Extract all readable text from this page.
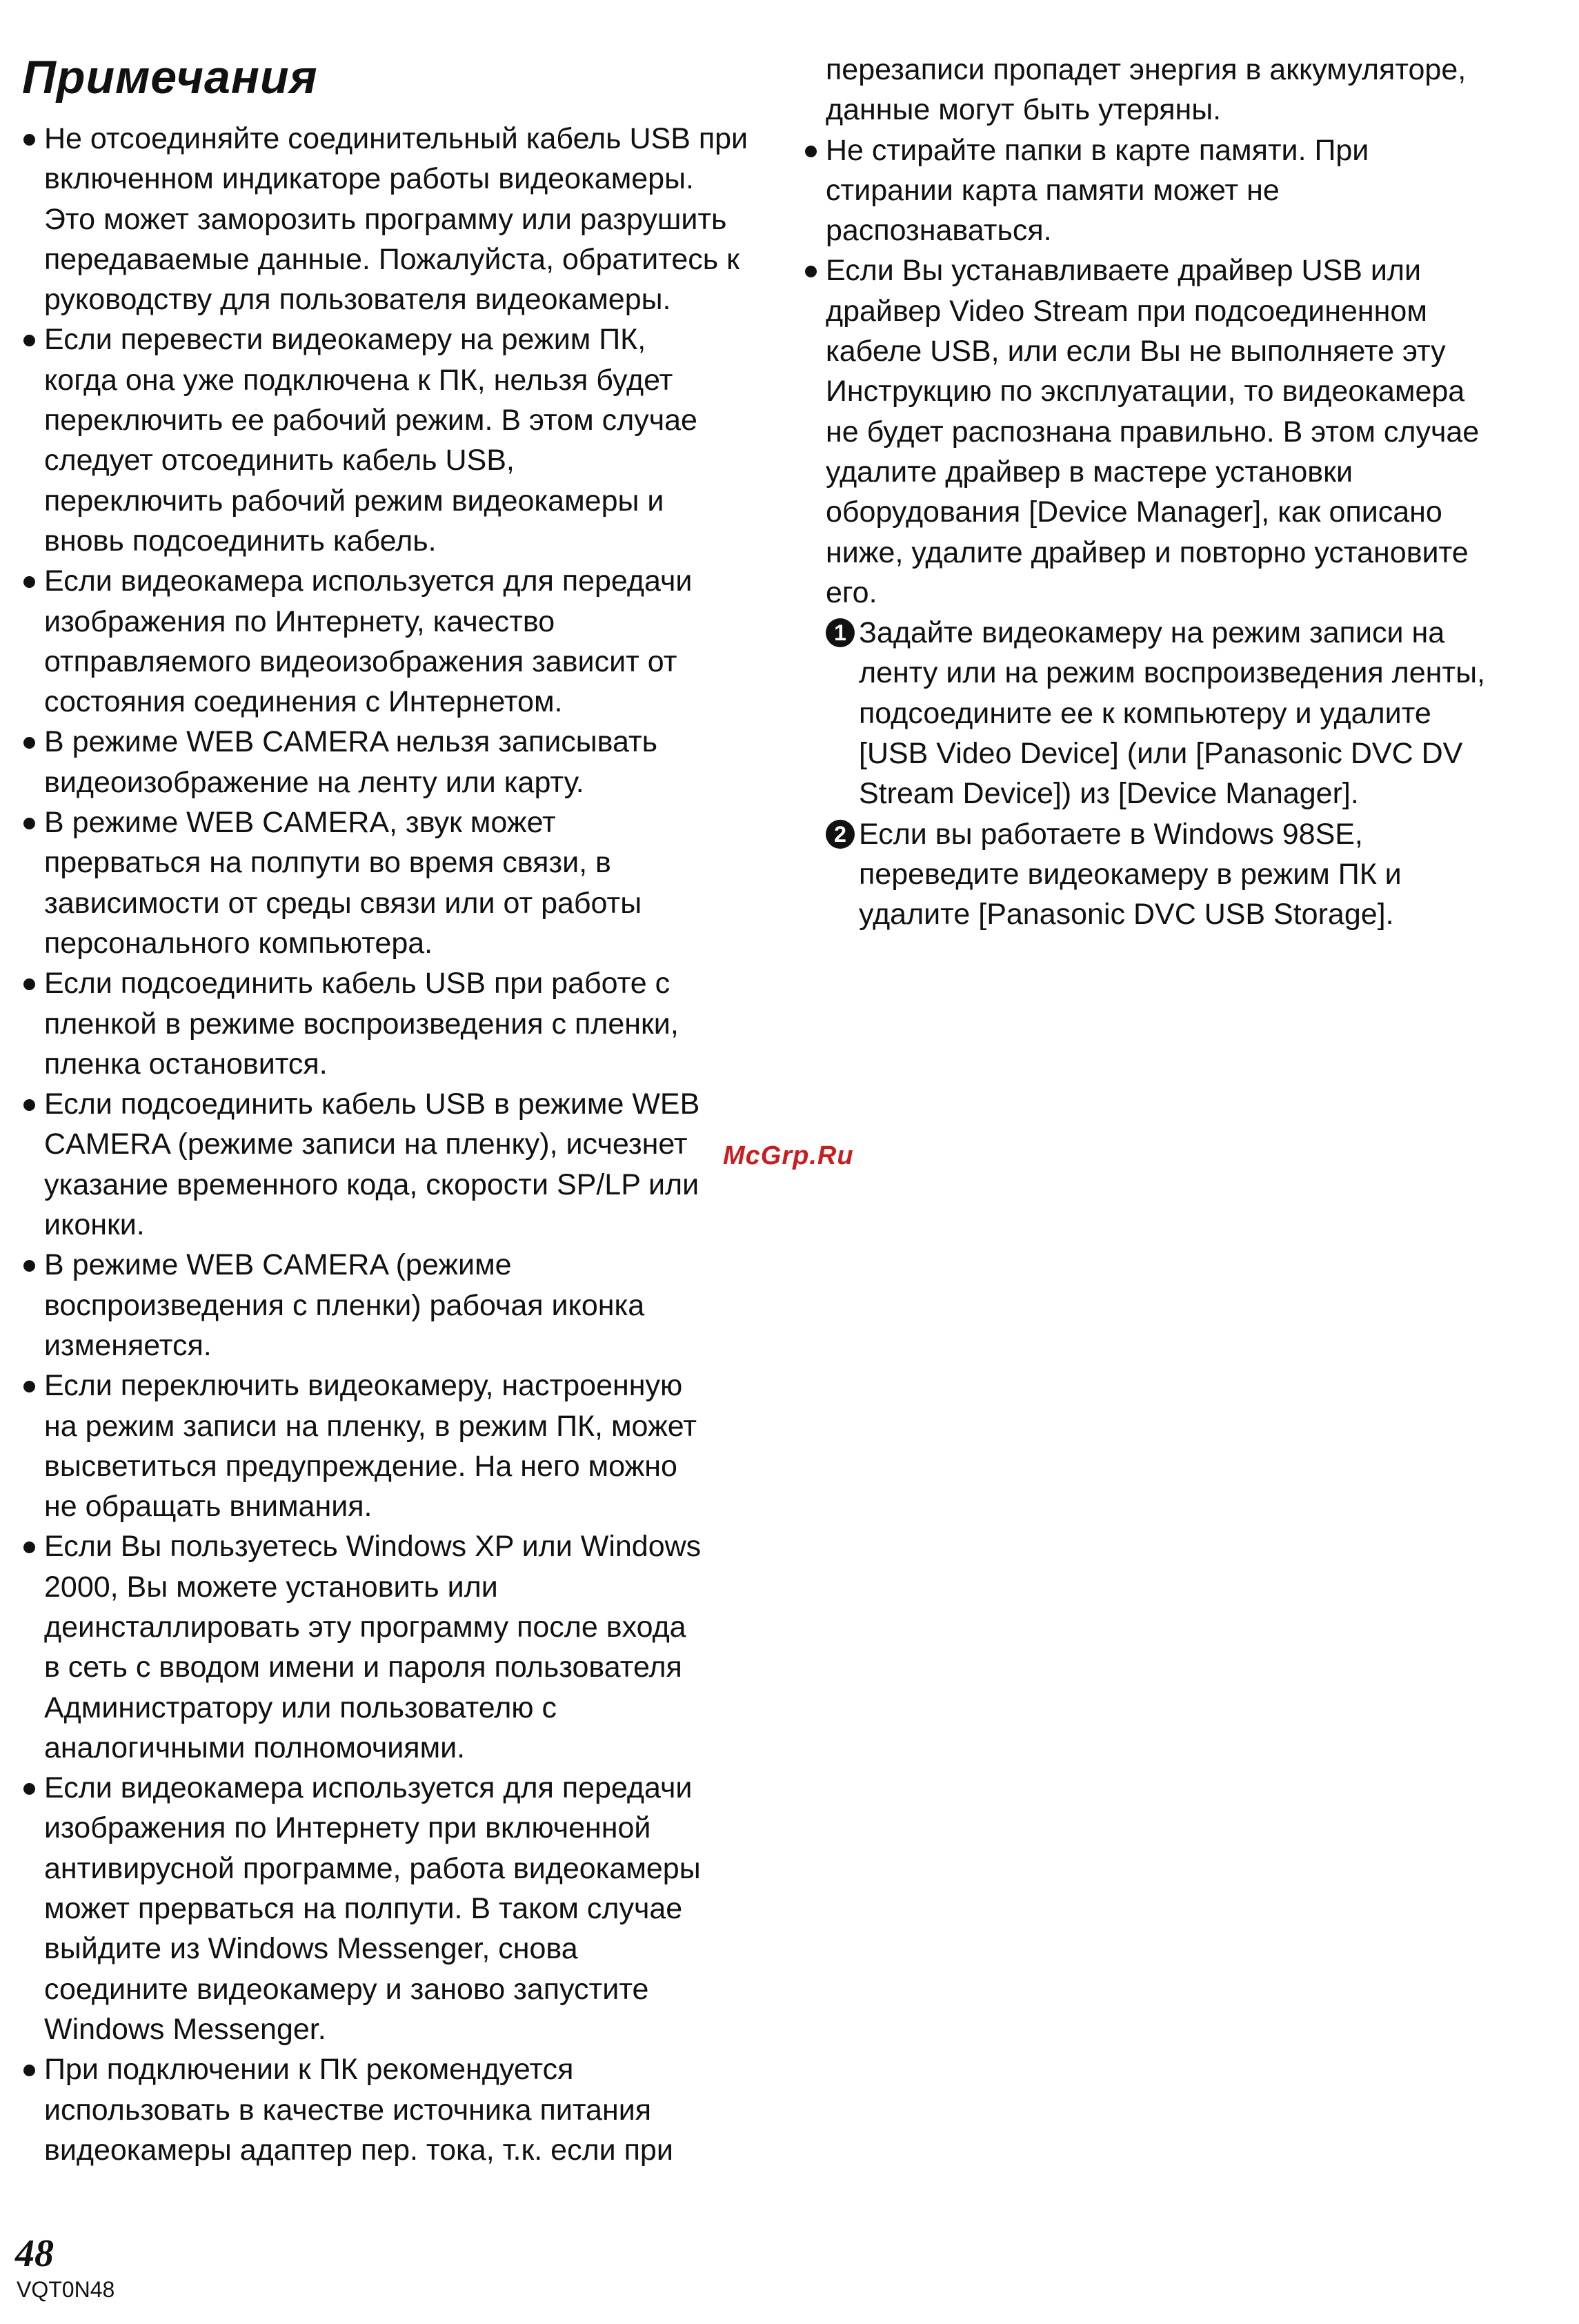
Примечания

Не отсоединяйте соединительный кабель USB при
включенном индикаторе работы видеокамеры.
Это может заморозить программу или разрушить
передаваемые данные. Пожалуйста, обратитесь к
руководству для пользователя видеокамеры.

Если перевести видеокамеру на режим ПК,
когда она уже подключена к ПК, нельзя будет
переключить ее рабочий режим. В этом случае
следует отсоединить кабель USB,
переключить рабочий режим видеокамеры и
вновь подсоединить кабель.

Если видеокамера используется для передачи
изображения по Интернету, качество
отправляемого видеоизображения зависит от
состояния соединения с Интернетом.

В режиме WEB CAMERA нельзя записывать
видеоизображение на ленту или карту.

В режиме WEB CAMERA, звук может
прерваться на полпути во время связи, в
зависимости от среды связи или от работы
персонального компьютера.

Если подсоединить кабель USB при работе с
пленкой в режиме воспроизведения с пленки,
пленка остановится.

Если подсоединить кабель USB в режиме WEB
CAMERA (режиме записи на пленку), исчезнет
указание временного кода, скорости SP/LP или
иконки.

В режиме WEB CAMERA (режиме
воспроизведения с пленки) рабочая иконка
изменяется.

Если переключить видеокамеру, настроенную
на режим записи на пленку, в режим ПК, может
высветиться предупреждение. На него можно
не обращать внимания.

Если Вы пользуетесь Windows XP или Windows
2000, Вы можете установить или
деинсталлировать эту программу после входа
в сеть с вводом имени и пароля пользователя
Администратору или пользователю с
аналогичными полномочиями.

Если видеокамера используется для передачи
изображения по Интернету при включенной
антивирусной программе, работа видеокамеры
может прерваться на полпути. В таком случае
выйдите из Windows Messenger, снова
соедините видеокамеру и заново запустите
Windows Messenger.

При подключении к ПК рекомендуется
использовать в качестве источника питания
видеокамеры адаптер пер. тока, т.к. если при

перезаписи пропадет энергия в аккумуляторе,
данные могут быть утеряны.

Не стирайте папки в карте памяти. При
стирании карта памяти может не
распознаваться.

Если Вы устанавливаете драйвер USB или
драйвер Video Stream при подсоединенном
кабеле USB, или если Вы не выполняете эту
Инструкцию по эксплуатации, то видеокамера
не будет распознана правильно. В этом случае
удалите драйвер в мастере установки
оборудования [Device Manager], как описано
ниже, удалите драйвер и повторно установите
его.

1 Задайте видеокамеру на режим записи на
ленту или на режим воспроизведения ленты,
подсоедините ее к компьютеру и удалите
[USB Video Device] (или [Panasonic DVC DV
Stream Device]) из [Device Manager].

2 Если вы работаете в Windows 98SE,
переведите видеокамеру в режим ПК и
удалите [Panasonic DVC USB Storage].

McGrp.Ru
48
VQT0N48
